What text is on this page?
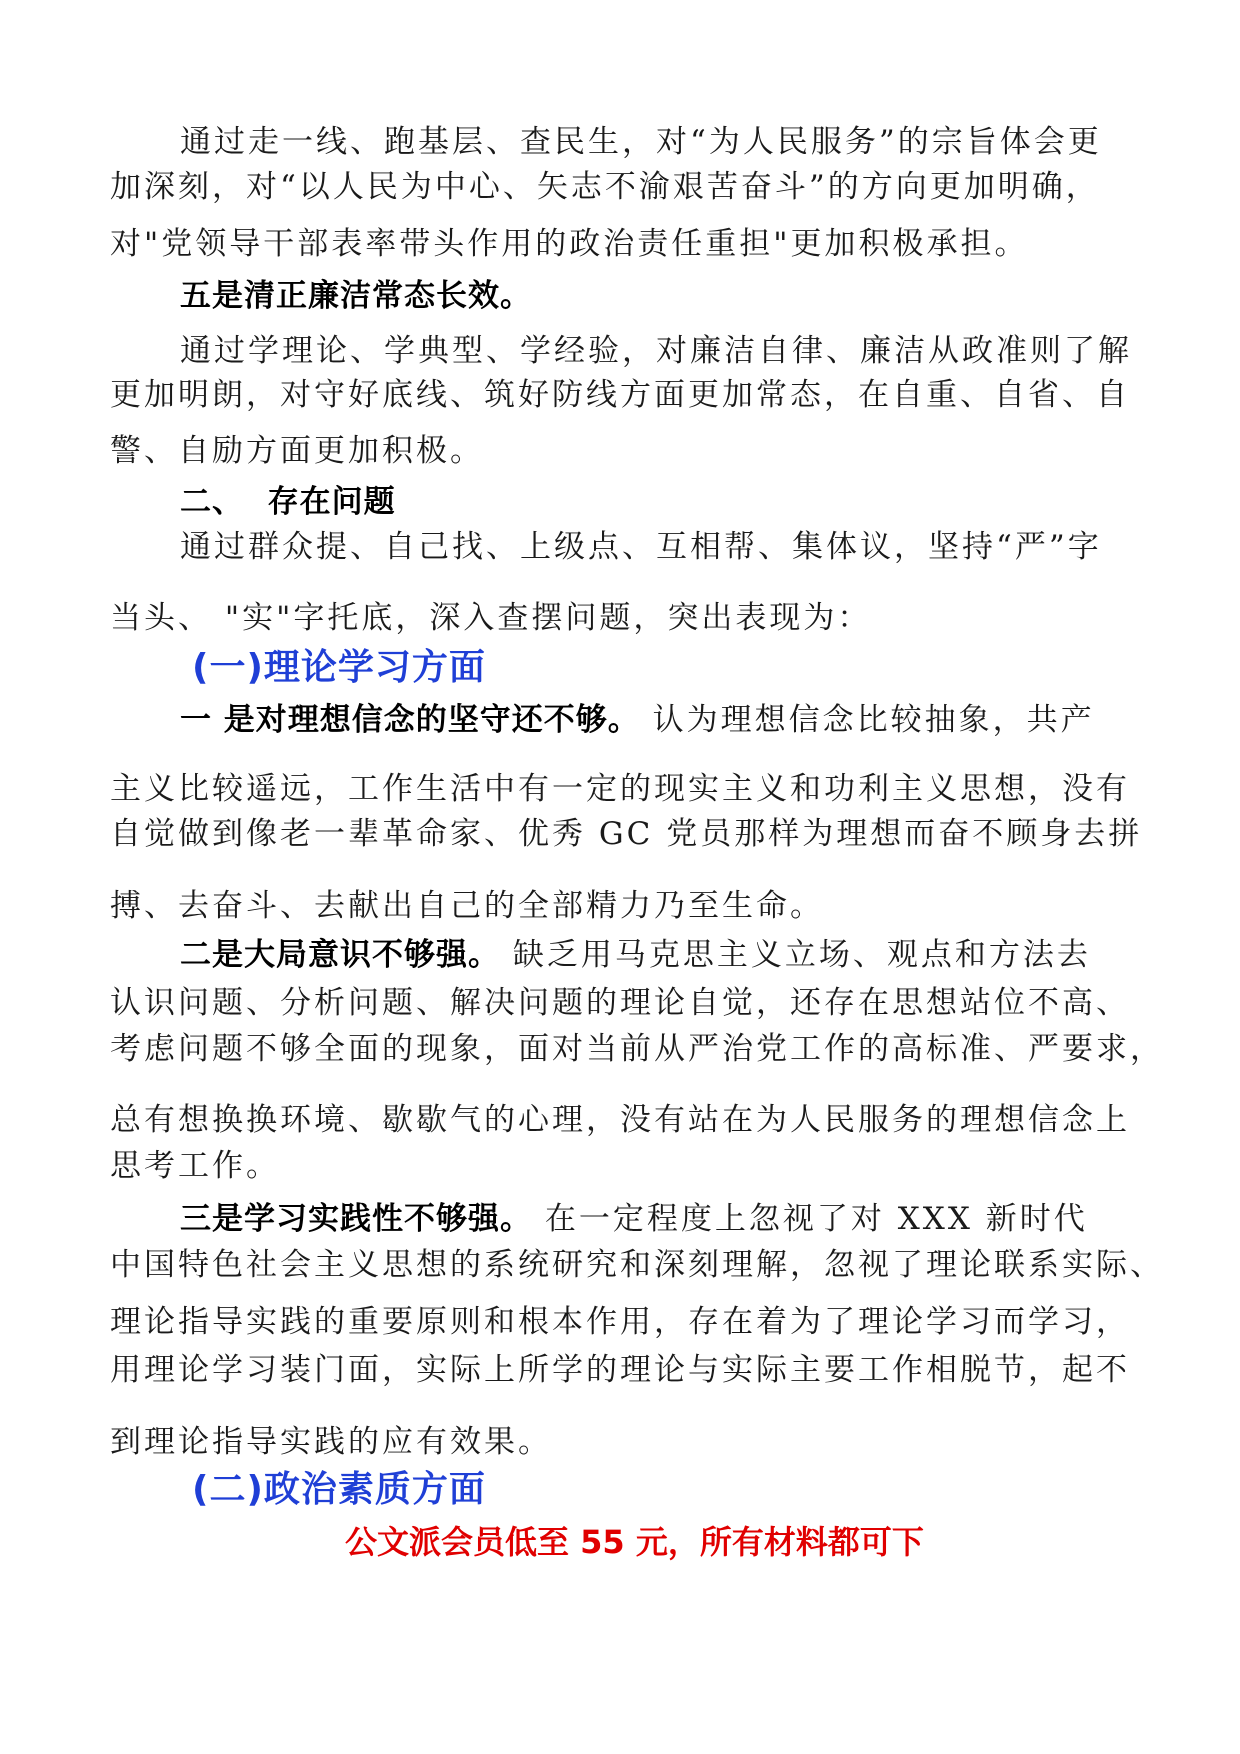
通过走一线、跑基层、查民生，对“为人民服务”的宗旨体会更
加深刻，对“以人民为中心、矢志不渝艰苦奋斗”的方向更加明确，
对"党领导干部表率带头作用的政治责任重担"更加积极承担。
五是清正廉洁常态长效。
通过学理论、学典型、学经验，对廉洁自律、廉洁从政准则了解
更加明朗，对守好底线、筑好防线方面更加常态，在自重、自省、自
警、自励方面更加积极。
二、  存在问题
通过群众提、自己找、上级点、互相帮、集体议，坚持“严”字
当头、 "实"字托底，深入查摆问题，突出表现为：
(一)理论学习方面
一 是对理想信念的坚守还不够。 认为理想信念比较抽象，共产
主义比较遥远，工作生活中有一定的现实主义和功利主义思想，没有
自觉做到像老一辈革命家、优秀 GC 党员那样为理想而奋不顾身去拼
搏、去奋斗、去献出自己的全部精力乃至生命。
二是大局意识不够强。 缺乏用马克思主义立场、观点和方法去
认识问题、分析问题、解决问题的理论自觉，还存在思想站位不高、
考虑问题不够全面的现象，面对当前从严治党工作的高标准、严要求，
总有想换换环境、歇歇气的心理，没有站在为人民服务的理想信念上
思考工作。
三是学习实践性不够强。 在一定程度上忽视了对 XXX 新时代
中国特色社会主义思想的系统研究和深刻理解，忽视了理论联系实际、
理论指导实践的重要原则和根本作用，存在着为了理论学习而学习，
用理论学习装门面，实际上所学的理论与实际主要工作相脱节，起不
到理论指导实践的应有效果。
(二)政治素质方面
公文派会员低至 55 元，所有材料都可下
